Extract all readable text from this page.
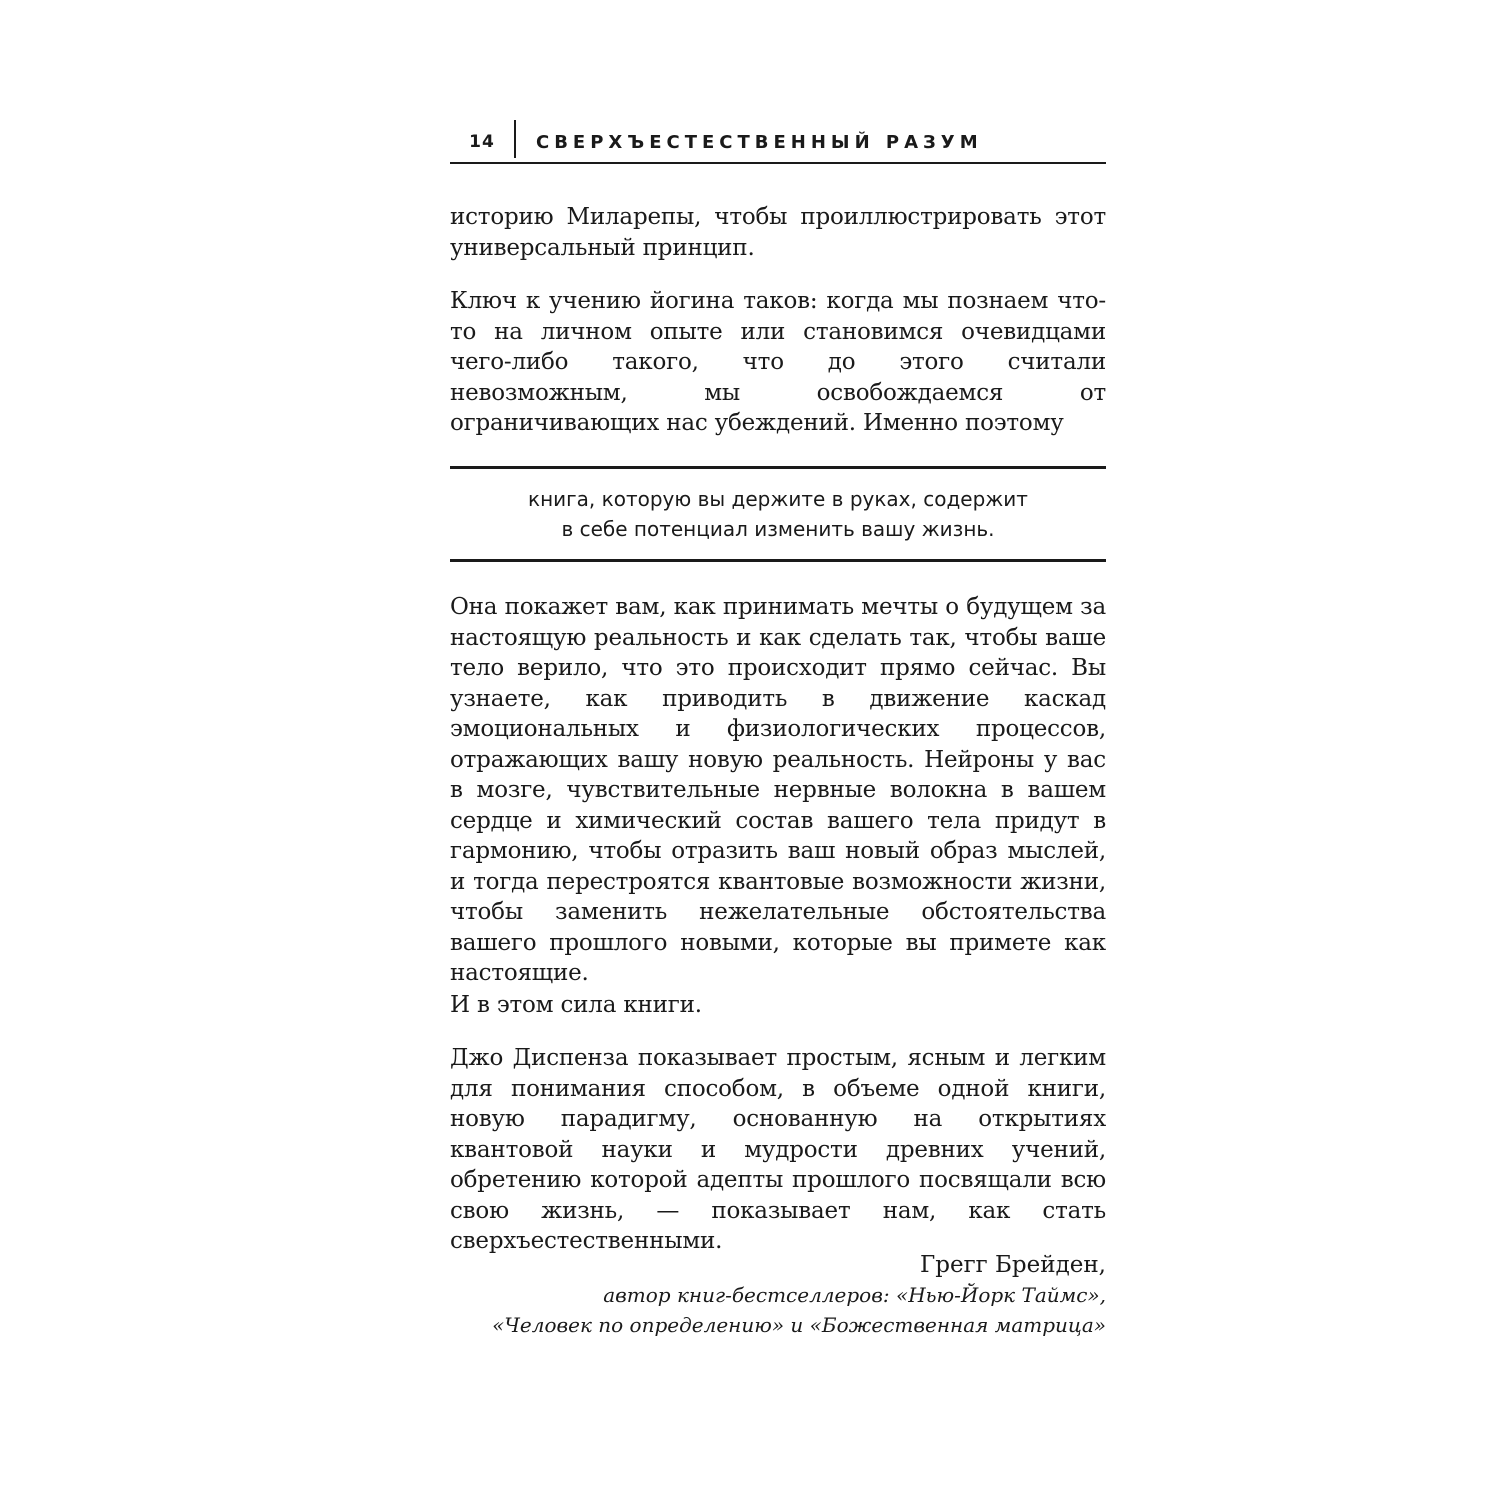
14	СВЕРХЪЕСТЕСТВЕННЫЙ РАЗУМ

историю Миларепы, чтобы проиллюстрировать этот универсальный принцип.

Ключ к учению йогина таков: когда мы познаем что-то на личном опыте или становимся очевидцами чего-либо такого, что до этого считали невозможным, мы освобождаемся от ограничивающих нас убеждений. Именно поэтому

книга, которую вы держите в руках, содержит
в себе потенциал изменить вашу жизнь.

Она покажет вам, как принимать мечты о будущем за настоящую реальность и как сделать так, чтобы ваше тело верило, что это происходит прямо сейчас. Вы узнаете, как приводить в движение каскад эмоциональных и физиологических процессов, отражающих вашу новую реальность. Нейроны у вас в мозге, чувствительные нервные волокна в вашем сердце и химический состав вашего тела придут в гармонию, чтобы отразить ваш новый образ мыслей, и тогда перестроятся квантовые возможности жизни, чтобы заменить нежелательные обстоятельства вашего прошлого новыми, которые вы примете как настоящие.

И в этом сила книги.

Джо Диспенза показывает простым, ясным и легким для понимания способом, в объеме одной книги, новую парадигму, основанную на открытиях квантовой науки и мудрости древних учений, обретению которой адепты прошлого посвящали всю свою жизнь, — показывает нам, как стать сверхъестественными.

Грегг Брейден,
автор книг-бестселлеров: «Нью-Йорк Таймс»,
«Человек по определению» и «Божественная матрица»
